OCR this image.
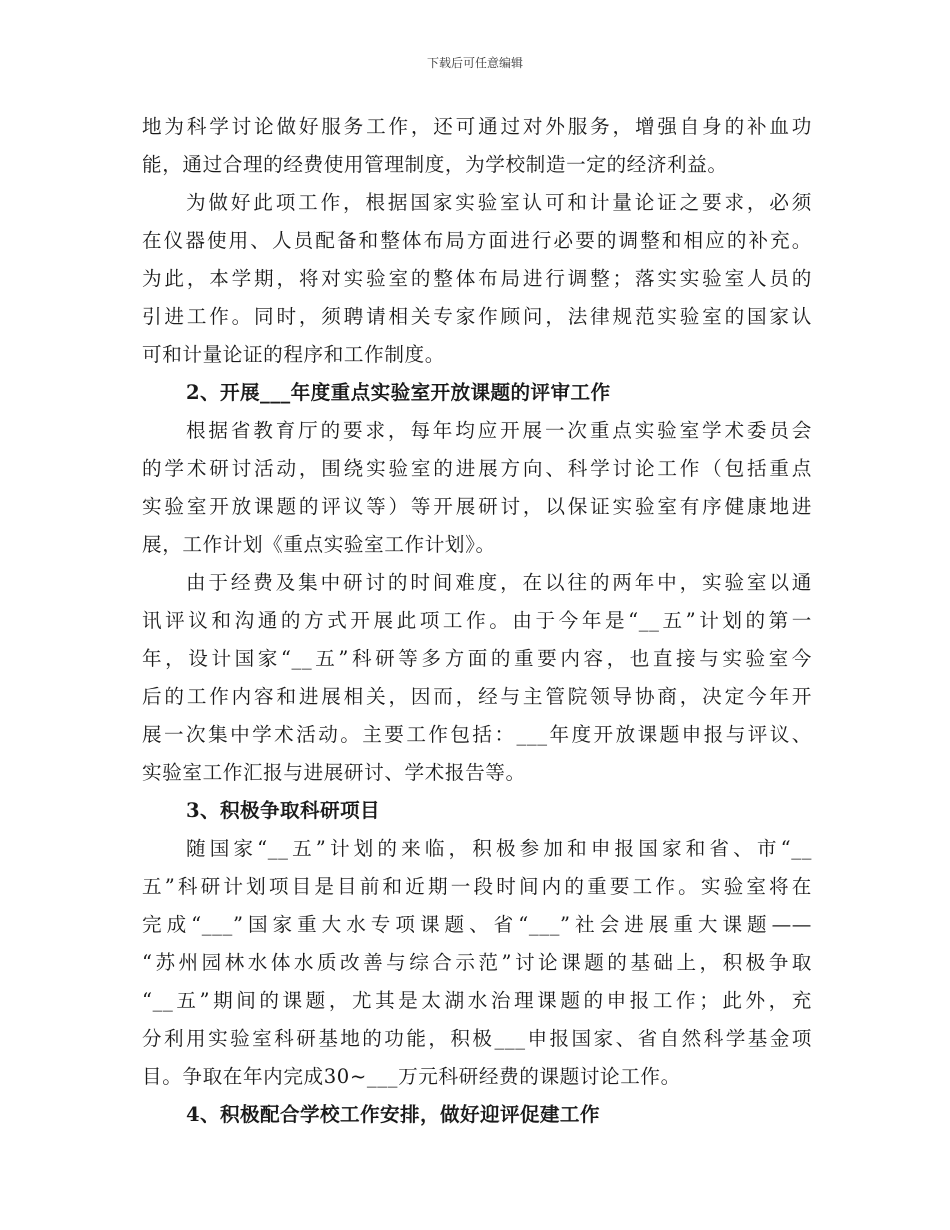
下载后可任意编辑
地为科学讨论做好服务工作，还可通过对外服务，增强自身的补血功
能，通过合理的经费使用管理制度，为学校制造一定的经济利益。
为做好此项工作，根据国家实验室认可和计量论证之要求，必须
在仪器使用、人员配备和整体布局方面进行必要的调整和相应的补充。
为此，本学期，将对实验室的整体布局进行调整；落实实验室人员的
引进工作。同时，须聘请相关专家作顾问，法律规范实验室的国家认
可和计量论证的程序和工作制度。
2、开展___年度重点实验室开放课题的评审工作
根据省教育厅的要求，每年均应开展一次重点实验室学术委员会
的学术研讨活动，围绕实验室的进展方向、科学讨论工作（包括重点
实验室开放课题的评议等）等开展研讨，以保证实验室有序健康地进
展，工作计划《重点实验室工作计划》。
由于经费及集中研讨的时间难度，在以往的两年中，实验室以通
讯评议和沟通的方式开展此项工作。由于今年是“__五”计划的第一
年，设计国家“__五”科研等多方面的重要内容，也直接与实验室今
后的工作内容和进展相关，因而，经与主管院领导协商，决定今年开
展一次集中学术活动。主要工作包括：___年度开放课题申报与评议、
实验室工作汇报与进展研讨、学术报告等。
3、积极争取科研项目
随国家“__五”计划的来临，积极参加和申报国家和省、市“__
五”科研计划项目是目前和近期一段时间内的重要工作。实验室将在
完成“___”国家重大水专项课题、省“___”社会进展重大课题——
“苏州园林水体水质改善与综合示范”讨论课题的基础上，积极争取
“__五”期间的课题，尤其是太湖水治理课题的申报工作；此外，充
分利用实验室科研基地的功能，积极___申报国家、省自然科学基金项
目。争取在年内完成30~___万元科研经费的课题讨论工作。
4、积极配合学校工作安排，做好迎评促建工作
